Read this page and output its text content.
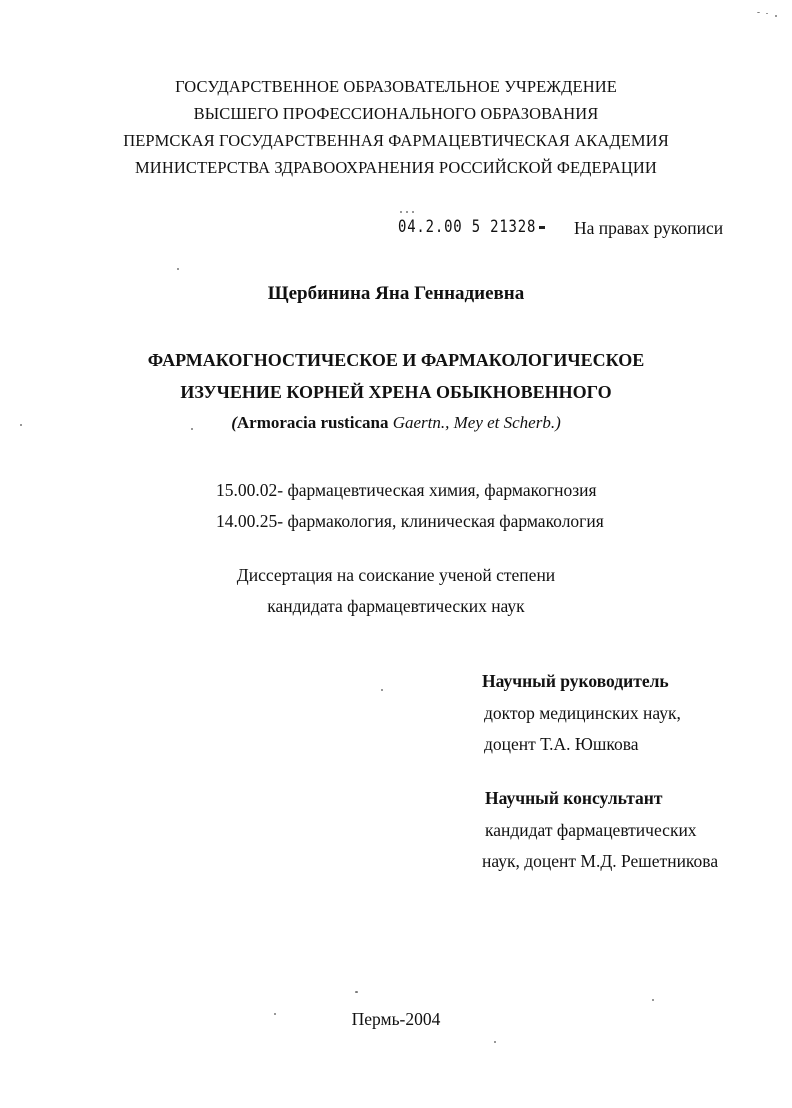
ГОСУДАРСТВЕННОЕ ОБРАЗОВАТЕЛЬНОЕ УЧРЕЖДЕНИЕ
ВЫСШЕГО ПРОФЕССИОНАЛЬНОГО ОБРАЗОВАНИЯ
ПЕРМСКАЯ ГОСУДАРСТВЕННАЯ ФАРМАЦЕВТИЧЕСКАЯ АКАДЕМИЯ
МИНИСТЕРСТВА ЗДРАВООХРАНЕНИЯ РОССИЙСКОЙ ФЕДЕРАЦИИ
04.2.00 5 21328 На правах рукописи
Щербинина Яна Геннадиевна
ФАРМАКОГНОСТИЧЕСКОЕ И ФАРМАКОЛОГИЧЕСКОЕ
ИЗУЧЕНИЕ КОРНЕЙ ХРЕНА ОБЫКНОВЕННОГО
(Armoracia rusticana Gaertn., Mey et Scherb.)
15.00.02- фармацевтическая химия, фармакогнозия
14.00.25- фармакология, клиническая фармакология
Диссертация на соискание ученой степени
кандидата фармацевтических наук
Научный руководитель
доктор медицинских наук,
доцент Т.А. Юшкова
Научный консультант
кандидат фармацевтических
наук, доцент М.Д. Решетникова
Пермь-2004
